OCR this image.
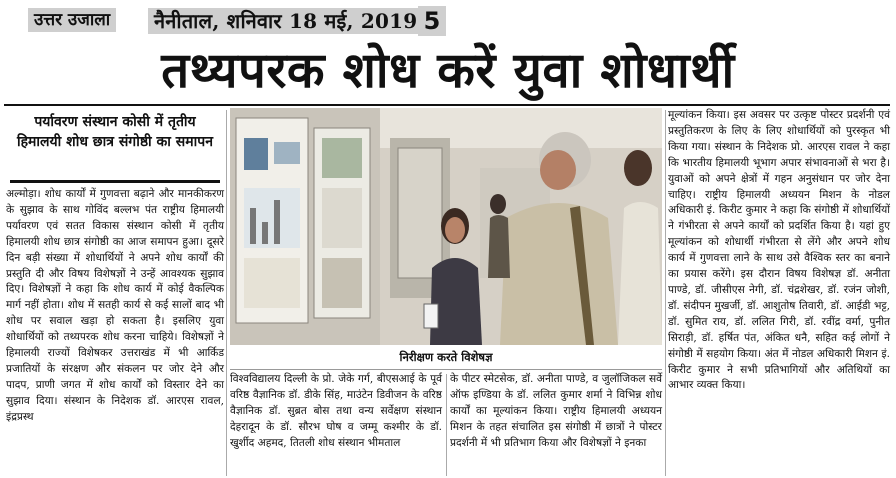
उत्तर उजाला	नैनीताल, शनिवार 18 मई, 2019 5
तथ्यपरक शोध करें युवा शोधार्थी
पर्यावरण संस्थान कोसी में तृतीय हिमालयी शोध छात्र संगोष्ठी का समापन
अल्मोड़ा। शोध कार्यों में गुणवत्ता बढ़ाने और मानकीकरण के सुझाव के साथ गोविंद बल्लभ पंत राष्ट्रीय हिमालयी पर्यावरण एवं सतत विकास संस्थान कोसी में तृतीय हिमालयी शोध छात्र संगोष्ठी का आज समापन हुआ। दूसरे दिन बड़ी संख्या में शोधार्थियों ने अपने शोध कार्यों की प्रस्तुति दी और विषय विशेषज्ञों ने उन्हें आवश्यक सुझाव दिए। विशेषज्ञों ने कहा कि शोध कार्य में कोई वैकल्पिक मार्ग नहीं होता। शोध में सतही कार्य से कई सालों बाद भी शोध पर सवाल खड़ा हो सकता है। इसलिए युवा शोधार्थियों को तथ्यपरक शोध करना चाहिये। विशेषज्ञों ने हिमालयी राज्यों विशेषकर उत्तराखंड में भी आर्किड प्रजातियों के संरक्षण और संकलन पर जोर देने और पादप, प्राणी जगत में शोध कार्यों को विस्तार देने का सुझाव दिया। संस्थान के निदेशक डॉ. आरएस रावल, इंद्रप्रस्थ
निरीक्षण करते विशेषज्ञ
विश्वविद्यालय दिल्ली के प्रो. जेके गर्ग, बीएसआई के पूर्व वरिष्ठ वैज्ञानिक डॉ. डीके सिंह, माउंटेन डिवीजन के वरिष्ठ वैज्ञानिक डॉ. सुब्रत बोस तथा वन्य सर्वेक्षण संस्थान देहरादून के डॉ. सौरभ घोष व जम्मू कश्मीर के डॉ. खुर्शीद अहमद, तितली शोध संस्थान भीमताल
के पीटर स्मेटसेक, डॉ. अनीता पाण्डे, व जुलॉजिकल सर्वे ऑफ इण्डिया के डॉ. ललित कुमार शर्मा ने विभिन्न शोध कार्यों का मूल्यांकन किया। राष्ट्रीय हिमालयी अध्ययन मिशन के तहत संचालित इस संगोष्ठी में छात्रों ने पोस्टर प्रदर्शनी में भी प्रतिभाग किया और विशेषज्ञों ने इनका
मूल्यांकन किया। इस अवसर पर उत्कृष्ट पोस्टर प्रदर्शनी एवं प्रस्तुतिकरण के लिए के लिए शोधार्थियों को पुरस्कृत भी किया गया। संस्थान के निदेशक प्रो. आरएस रावल ने कहा कि भारतीय हिमालयी भूभाग अपार संभावनाओं से भरा है। युवाओं को अपने क्षेत्रों में गहन अनुसंधान पर जोर देना चाहिए। राष्ट्रीय हिमालयी अध्ययन मिशन के नोडल अधिकारी इं. किरीट कुमार ने कहा कि संगोष्ठी में शोधार्थियों ने गंभीरता से अपने कार्यों को प्रदर्शित किया है। यहां हुए मूल्यांकन को शोधार्थी गंभीरता से लेंगे और अपने शोध कार्य में गुणवत्ता लाने के साथ उसे वैश्विक स्तर का बनाने का प्रयास करेंगे। इस दौरान विषय विशेषज्ञ डॉ. अनीता पाण्डे, डॉ. जीसीएस नेगी, डॉ. चंद्रशेखर, डॉ. रजंन जोशी, डॉ. संदीपन मुखर्जी, डॉ. आशुतोष तिवारी, डॉ. आईडी भट्ट, डॉ. सुमित राय, डॉ. ललित गिरी, डॉ. रवींद्र वर्मा, पुनीत सिराड़ी, डॉ. हर्षित पंत, अंकित धनै, सहित कई लोगों ने संगोष्ठी में सहयोग किया। अंत में नोडल अधिकारी मिशन इं. किरीट कुमार ने सभी प्रतिभागियों और अतिथियों का आभार व्यक्त किया।
